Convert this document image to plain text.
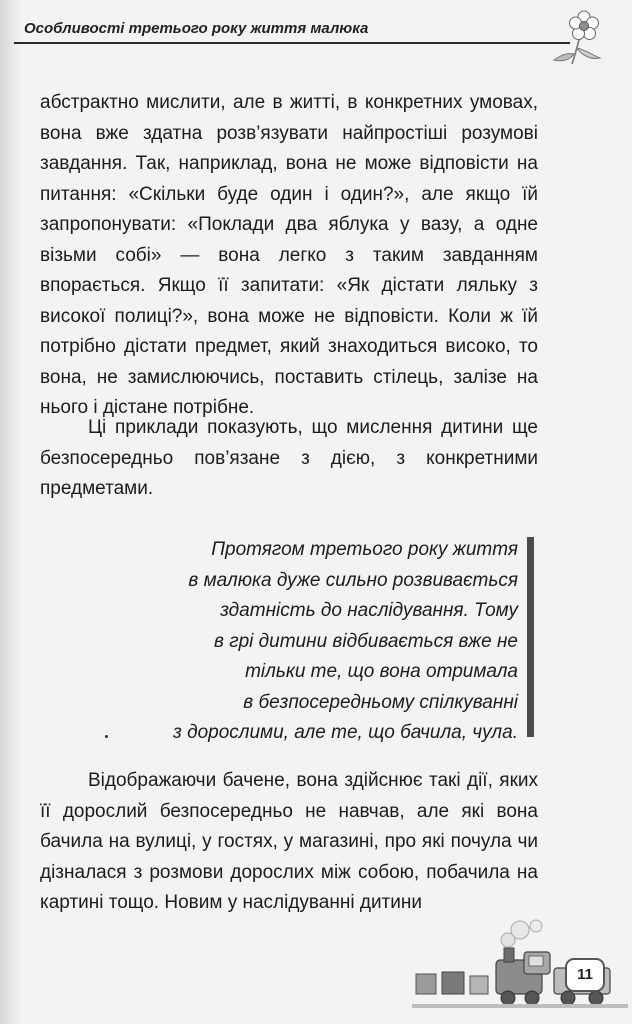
Особливості третього року життя малюка
абстрактно мислити, але в житті, в конкретних умовах, вона вже здатна розв’язувати найпростіші розумові завдання. Так, наприклад, вона не може відповісти на питання: «Скільки буде один і один?», але якщо їй запропонувати: «Поклади два яблука у вазу, а одне візьми собі» — вона легко з таким завданням впорається. Якщо її запитати: «Як дістати ляльку з високої полиці?», вона може не відповісти. Коли ж їй потрібно дістати предмет, який знаходиться високо, то вона, не замислюючись, поставить стілець, залізе на нього і дістане потрібне.
Ці приклади показують, що мислення дитини ще безпосередньо пов’язане з дією, з конкретними предметами.
Протягом третього року життя
в малюка дуже сильно розвивається
здатність до наслідування. Тому
в грі дитини відбивається вже не
тільки те, що вона отримала
в безпосередньому спілкуванні
з дорослими, але те, що бачила, чула.
Відображаючи бачене, вона здійснює такі дії, яких її дорослий безпосередньо не навчав, але які вона бачила на вулиці, у гостях, у магазині, про які почула чи дізналася з розмови дорослих між собою, побачила на картині тощо. Новим у наслідуванні дитини
11
